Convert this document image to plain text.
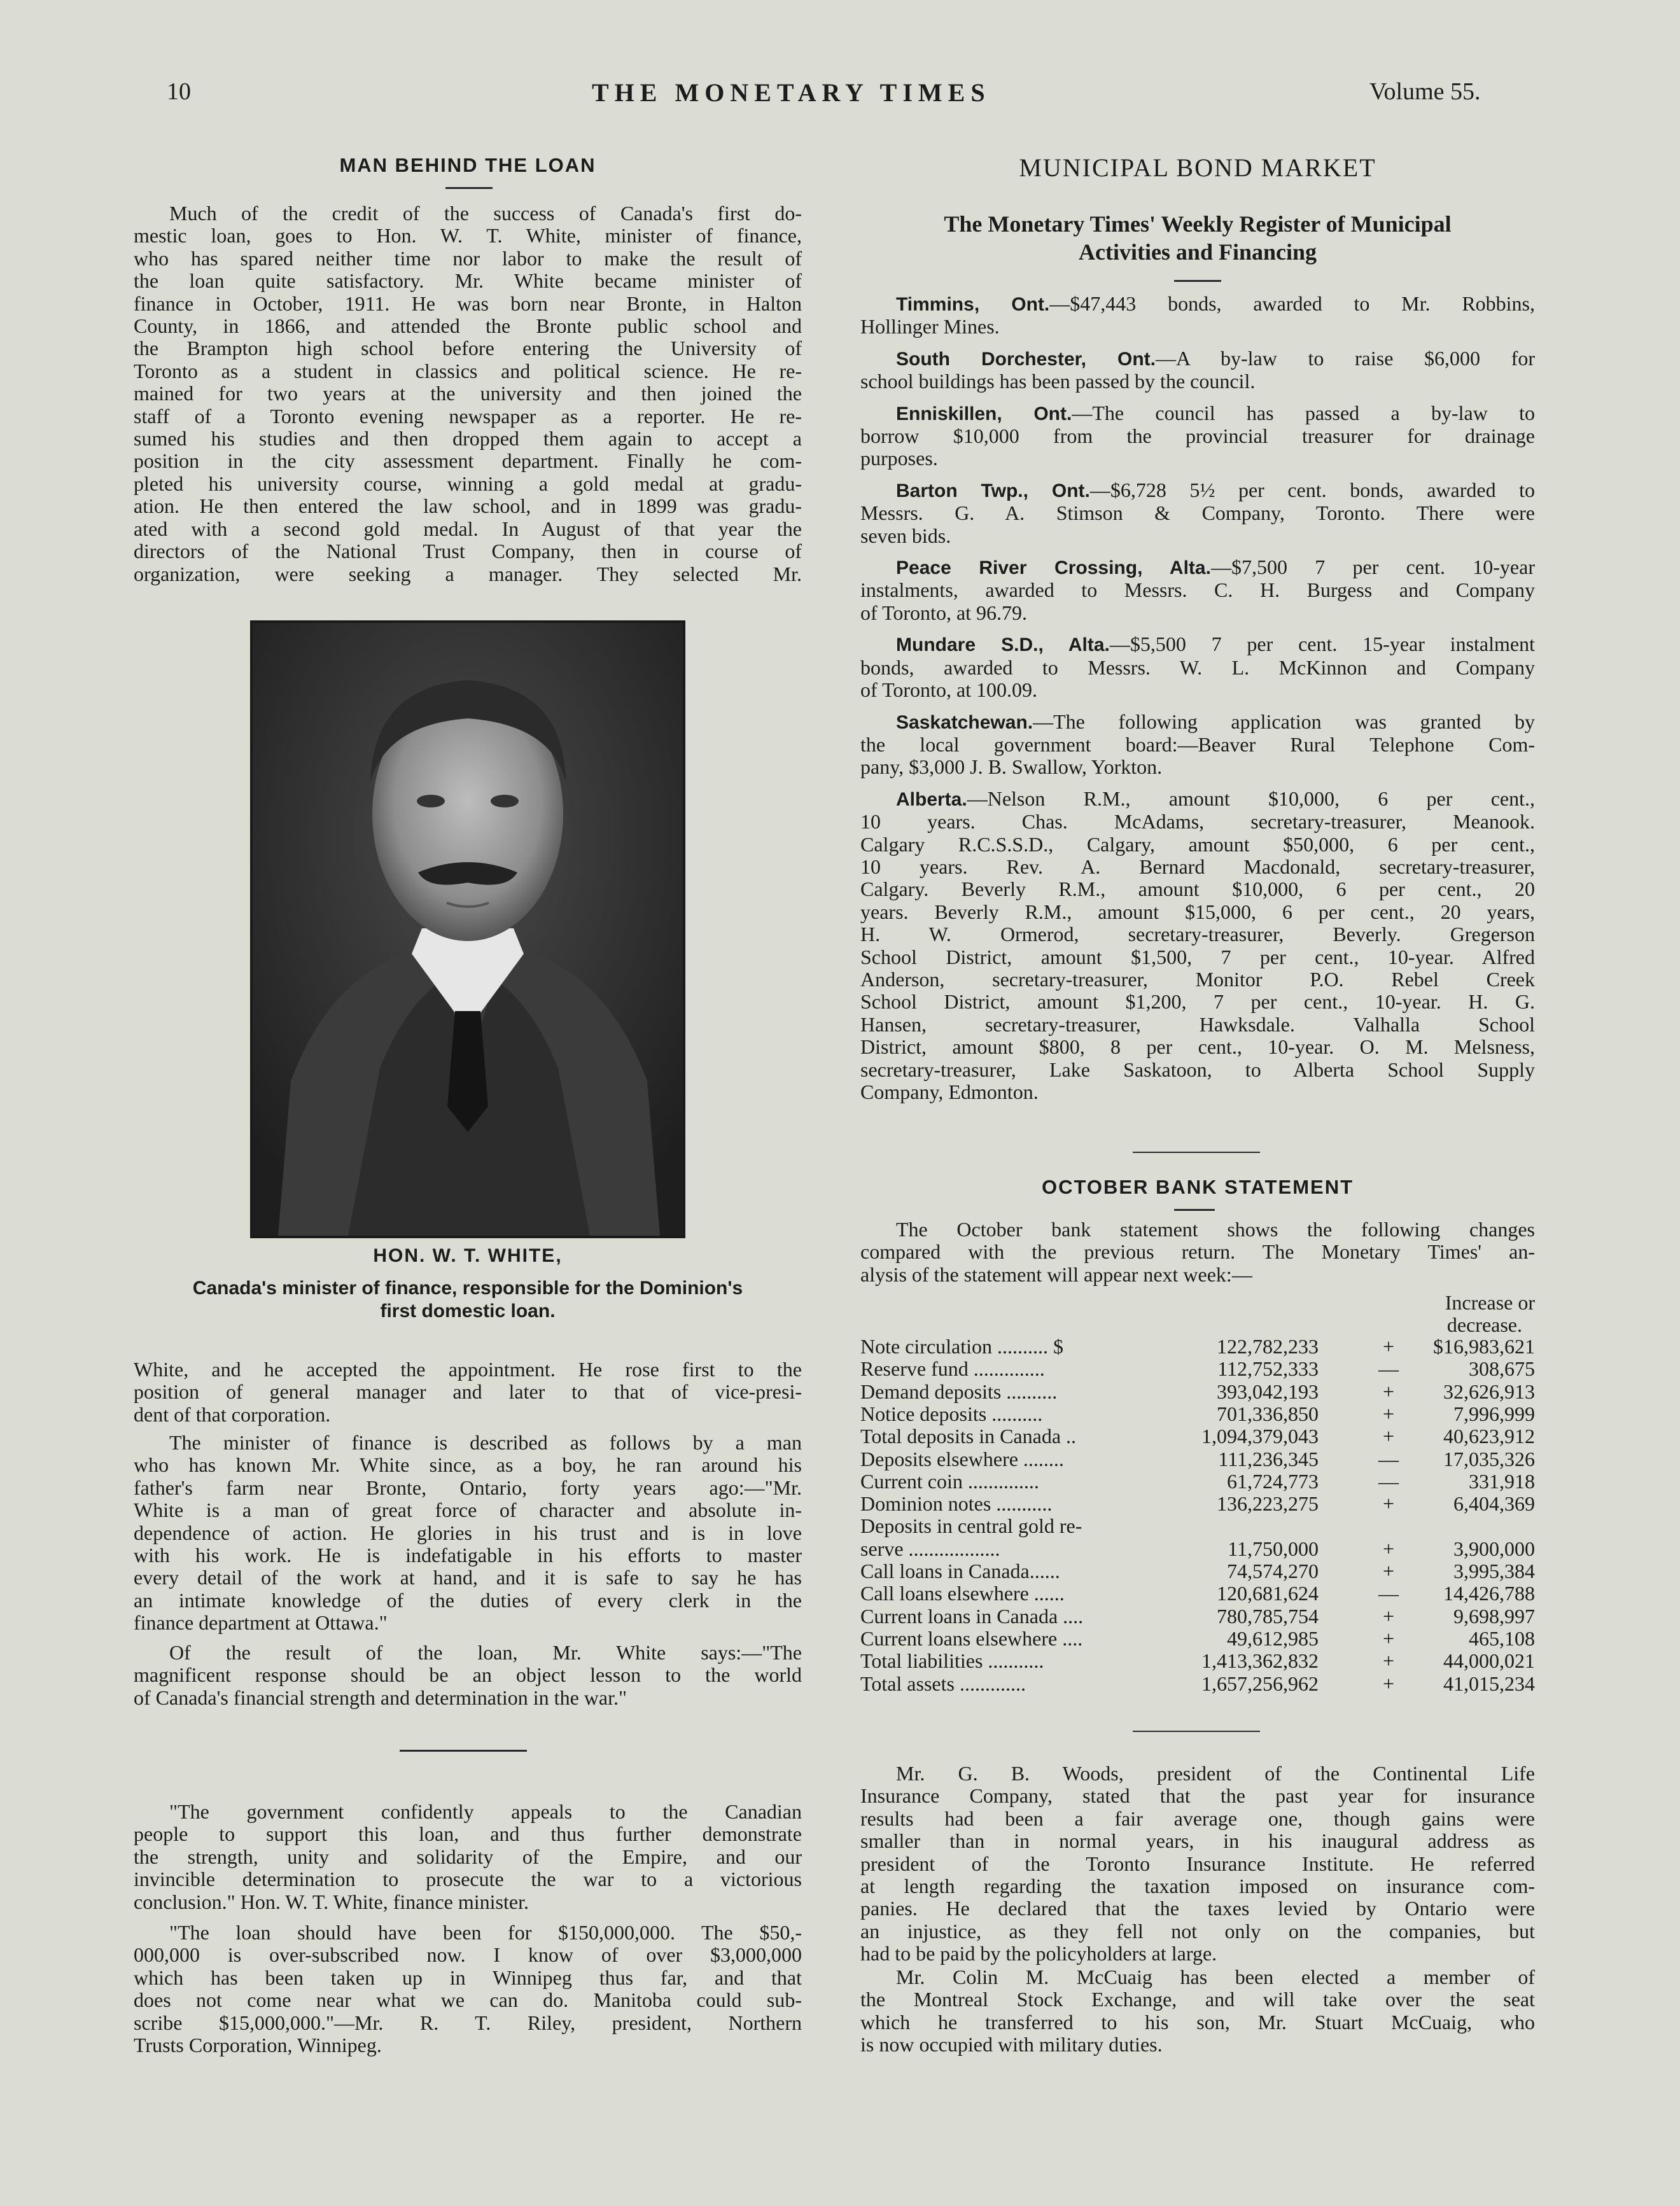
10	THE MONETARY TIMES	Volume 55.
MAN BEHIND THE LOAN

Much of the credit of the success of Canada's first do-

mestic loan, goes to Hon. W. T. White, minister of finance,

who has spared neither time nor labor to make the result of

the loan quite satisfactory. Mr. White became minister of

finance in October, 1911. He was born near Bronte, in Halton

County, in 1866, and attended the Bronte public school and

the Brampton high school before entering the University of

Toronto as a student in classics and political science. He re-

mained for two years at the university and then joined the

staff of a Toronto evening newspaper as a reporter. He re-

sumed his studies and then dropped them again to accept a

position in the city assessment department. Finally he com-

pleted his university course, winning a gold medal at gradu-

ation. He then entered the law school, and in 1899 was gradu-

ated with a second gold medal. In August of that year the

directors of the National Trust Company, then in course of

organization, were seeking a manager. They selected Mr.

HON. W. T. WHITE,
Canada's minister of finance, responsible for the Dominion's
first domestic loan.

White, and he accepted the appointment. He rose first to the

position of general manager and later to that of vice-presi-

dent of that corporation.

The minister of finance is described as follows by a man

who has known Mr. White since, as a boy, he ran around his

father's farm near Bronte, Ontario, forty years ago:—"Mr.

White is a man of great force of character and absolute in-

dependence of action. He glories in his trust and is in love

with his work. He is indefatigable in his efforts to master

every detail of the work at hand, and it is safe to say he has

an intimate knowledge of the duties of every clerk in the

finance department at Ottawa."

Of the result of the loan, Mr. White says:—"The

magnificent response should be an object lesson to the world

of Canada's financial strength and determination in the war."

"The government confidently appeals to the Canadian

people to support this loan, and thus further demonstrate

the strength, unity and solidarity of the Empire, and our

invincible determination to prosecute the war to a victorious

conclusion." Hon. W. T. White, finance minister.

"The loan should have been for $150,000,000. The $50,-

000,000 is over-subscribed now. I know of over $3,000,000

which has been taken up in Winnipeg thus far, and that

does not come near what we can do. Manitoba could sub-

scribe $15,000,000."—Mr. R. T. Riley, president, Northern

Trusts Corporation, Winnipeg.

MUNICIPAL BOND MARKET
The Monetary Times' Weekly Register of Municipal
Activities and Financing

Timmins, Ont.—$47,443 bonds, awarded to Mr. Robbins,

Hollinger Mines.

South Dorchester, Ont.—A by-law to raise $6,000 for

school buildings has been passed by the council.

Enniskillen, Ont.—The council has passed a by-law to

borrow $10,000 from the provincial treasurer for drainage

purposes.

Barton Twp., Ont.—$6,728 5½ per cent. bonds, awarded to

Messrs. G. A. Stimson & Company, Toronto. There were

seven bids.

Peace River Crossing, Alta.—$7,500 7 per cent. 10-year

instalments, awarded to Messrs. C. H. Burgess and Company

of Toronto, at 96.79.

Mundare S.D., Alta.—$5,500 7 per cent. 15-year instalment

bonds, awarded to Messrs. W. L. McKinnon and Company

of Toronto, at 100.09.

Saskatchewan.—The following application was granted by

the local government board:—Beaver Rural Telephone Com-

pany, $3,000 J. B. Swallow, Yorkton.

Alberta.—Nelson R.M., amount $10,000, 6 per cent.,

10 years. Chas. McAdams, secretary-treasurer, Meanook.

Calgary R.C.S.S.D., Calgary, amount $50,000, 6 per cent.,

10 years. Rev. A. Bernard Macdonald, secretary-treasurer,

Calgary. Beverly R.M., amount $10,000, 6 per cent., 20

years. Beverly R.M., amount $15,000, 6 per cent., 20 years,

H. W. Ormerod, secretary-treasurer, Beverly. Gregerson

School District, amount $1,500, 7 per cent., 10-year. Alfred

Anderson, secretary-treasurer, Monitor P.O. Rebel Creek

School District, amount $1,200, 7 per cent., 10-year. H. G.

Hansen, secretary-treasurer, Hawksdale. Valhalla School

District, amount $800, 8 per cent., 10-year. O. M. Melsness,

secretary-treasurer, Lake Saskatoon, to Alberta School Supply

Company, Edmonton.

OCTOBER BANK STATEMENT

The October bank statement shows the following changes

compared with the previous return. The Monetary Times' an-

alysis of the statement will appear next week:—

Increase or
decrease.
Note circulation .......... $	122,782,233	+	$16,983,621
Reserve fund ..............	112,752,333	—	308,675
Demand deposits ..........	393,042,193	+	32,626,913
Notice deposits ..........	701,336,850	+	7,996,999
Total deposits in Canada ..	1,094,379,043	+	40,623,912
Deposits elsewhere ........	111,236,345	— 17,035,326
Current coin ..............	61,724,773	—	331,918
Dominion notes ...........	136,223,275	+	6,404,369
Deposits in central gold re-
serve ..................	11,750,000	+	3,900,000
Call loans in Canada......	74,574,270	+	3,995,384
Call loans elsewhere ......	120,681,624	— 14,426,788
Current loans in Canada ....	780,785,754	+	9,698,997
Current loans elsewhere ....	49,612,985	+	465,108
Total liabilities ...........	1,413,362,832	+	44,000,021
Total assets .............	1,657,256,962	+	41,015,234

Mr. G. B. Woods, president of the Continental Life

Insurance Company, stated that the past year for insurance

results had been a fair average one, though gains were

smaller than in normal years, in his inaugural address as

president of the Toronto Insurance Institute. He referred

at length regarding the taxation imposed on insurance com-

panies. He declared that the taxes levied by Ontario were

an injustice, as they fell not only on the companies, but

had to be paid by the policyholders at large.

Mr. Colin M. McCuaig has been elected a member of

the Montreal Stock Exchange, and will take over the seat

which he transferred to his son, Mr. Stuart McCuaig, who

is now occupied with military duties.
